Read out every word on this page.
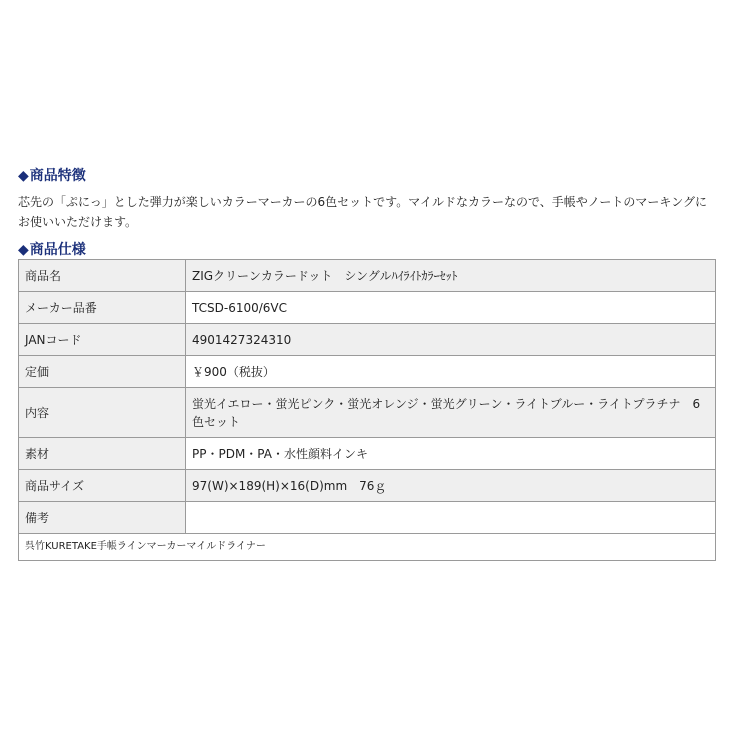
◆商品特徴
芯先の「ぷにっ」とした弾力が楽しいカラーマーカーの6色セットです。マイルドなカラーなので、手帳やノートのマーキングにお使いいただけます。
◆商品仕様
商品名	ZIGクリーンカラードット　シングルﾊｲﾗｲﾄｶﾗｰｾｯﾄ
メーカー品番	TCSD-6100/6VC
JANコード	4901427324310
定価	￥900（税抜）
内容	蛍光イエロー・蛍光ピンク・蛍光オレンジ・蛍光グリーン・ライトブルー・ライトプラチナ　6色セット
素材	PP・PDM・PA・水性顔料インキ
商品サイズ	97(W)×189(H)×16(D)mm　76ｇ
備考	
呉竹KURETAKE手帳ラインマーカーマイルドライナー	
